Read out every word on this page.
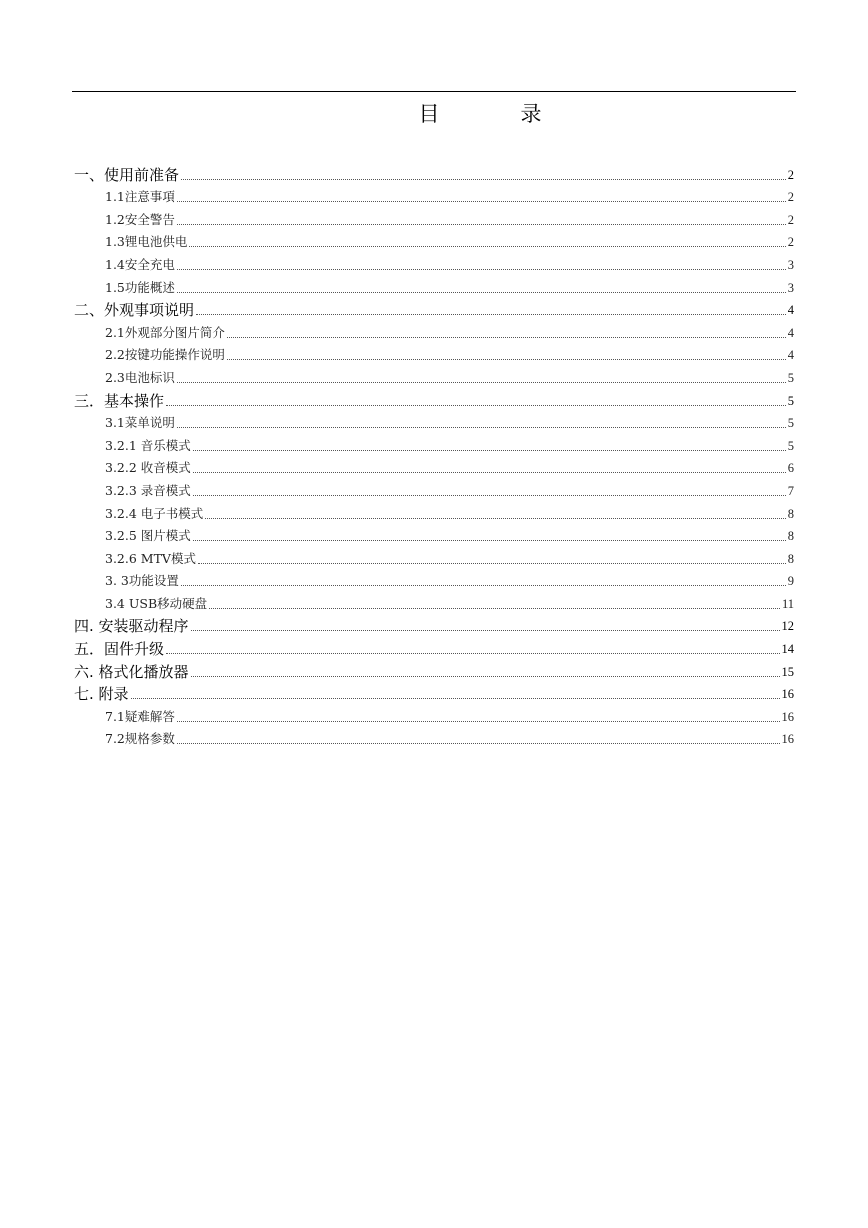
目　录
一、使用前准备	2
1.1注意事項	2
1.2安全警告	2
1.3锂电池供电	2
1.4安全充电	3
1.5功能概述	3
二、外观事项说明	4
2.1外观部分图片简介	4
2.2按键功能操作说明	4
2.3电池标识	5
三．基本操作	5
3.1菜单说明	5
3.2.1 音乐模式	5
3.2.2 收音模式	6
3.2.3 录音模式	7
3.2.4 电子书模式	8
3.2.5 图片模式	8
3.2.6 MTV模式	8
3. 3功能设置	9
3.4 USB移动硬盘	11
四. 安装驱动程序	12
五．固件升级	14
六. 格式化播放器	15
七. 附录	16
7.1疑难解答	16
7.2规格参数	16
